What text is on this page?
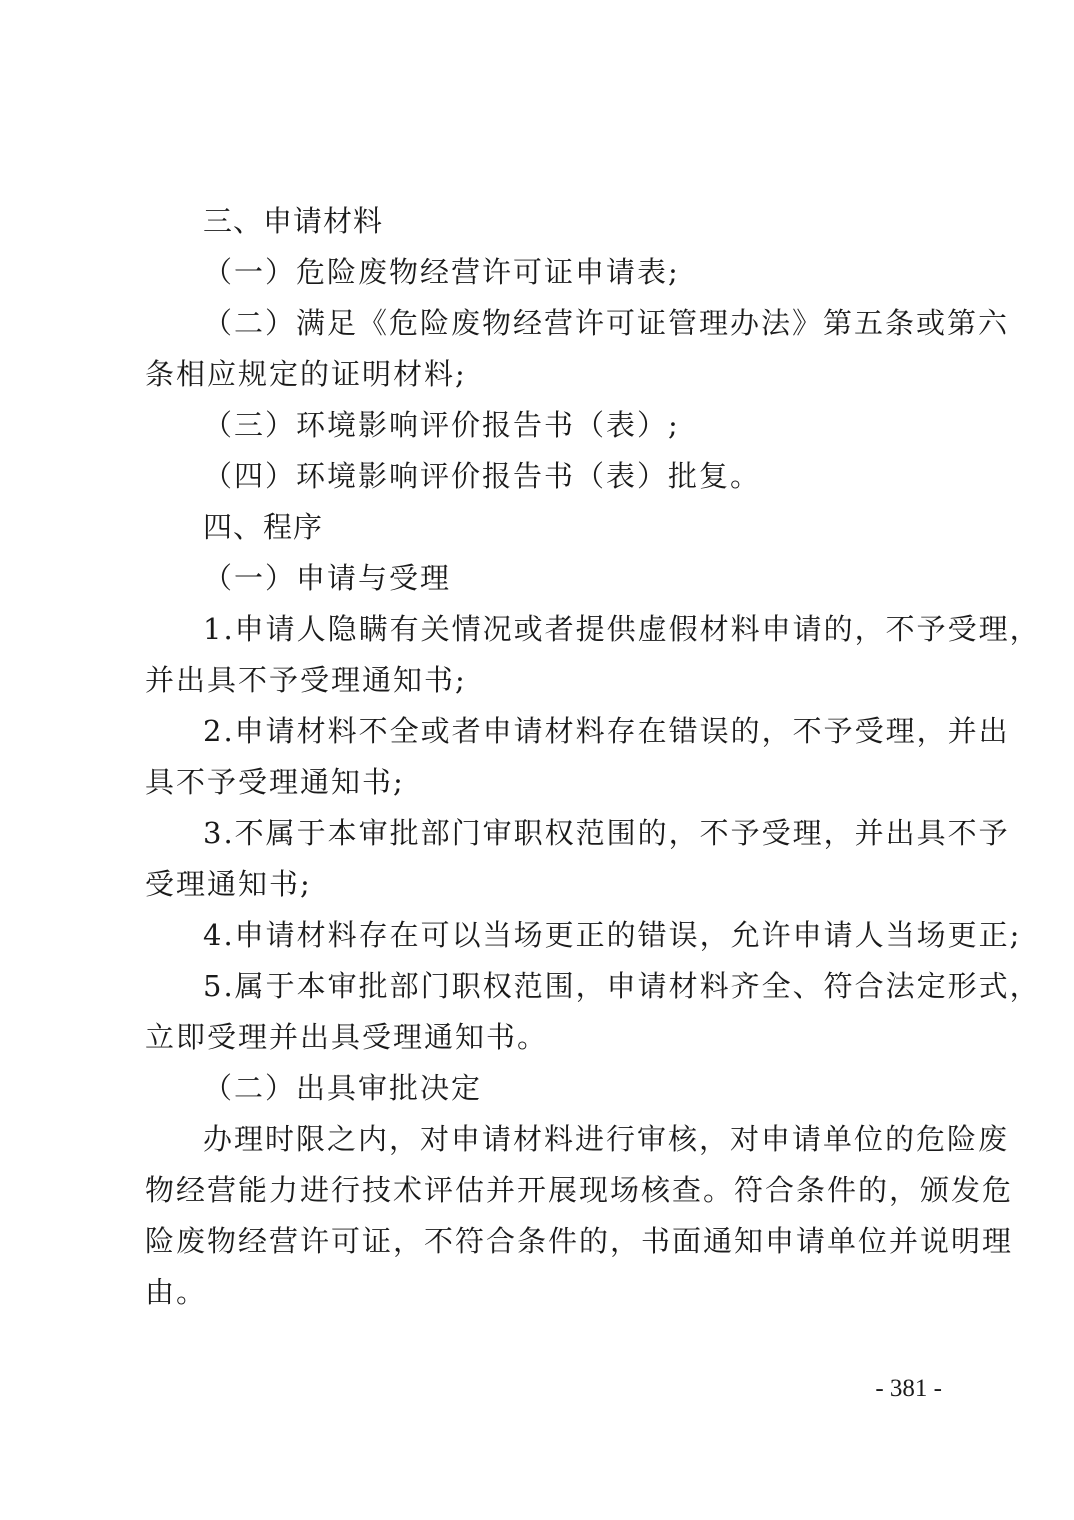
三、申请材料
（一）危险废物经营许可证申请表;
（二）满足《危险废物经营许可证管理办法》第五条或第六
条相应规定的证明材料;
（三）环境影响评价报告书（表）;
（四）环境影响评价报告书（表）批复。
四、程序
（一）申请与受理
1.申请人隐瞒有关情况或者提供虚假材料申请的，不予受理，
并出具不予受理通知书;
2.申请材料不全或者申请材料存在错误的，不予受理，并出
具不予受理通知书;
3.不属于本审批部门审职权范围的，不予受理，并出具不予
受理通知书;
4.申请材料存在可以当场更正的错误，允许申请人当场更正;
5.属于本审批部门职权范围，申请材料齐全、符合法定形式，
立即受理并出具受理通知书。
（二）出具审批决定
办理时限之内，对申请材料进行审核，对申请单位的危险废
物经营能力进行技术评估并开展现场核查。符合条件的，颁发危
险废物经营许可证，不符合条件的，书面通知申请单位并说明理
由。
- 381 -
